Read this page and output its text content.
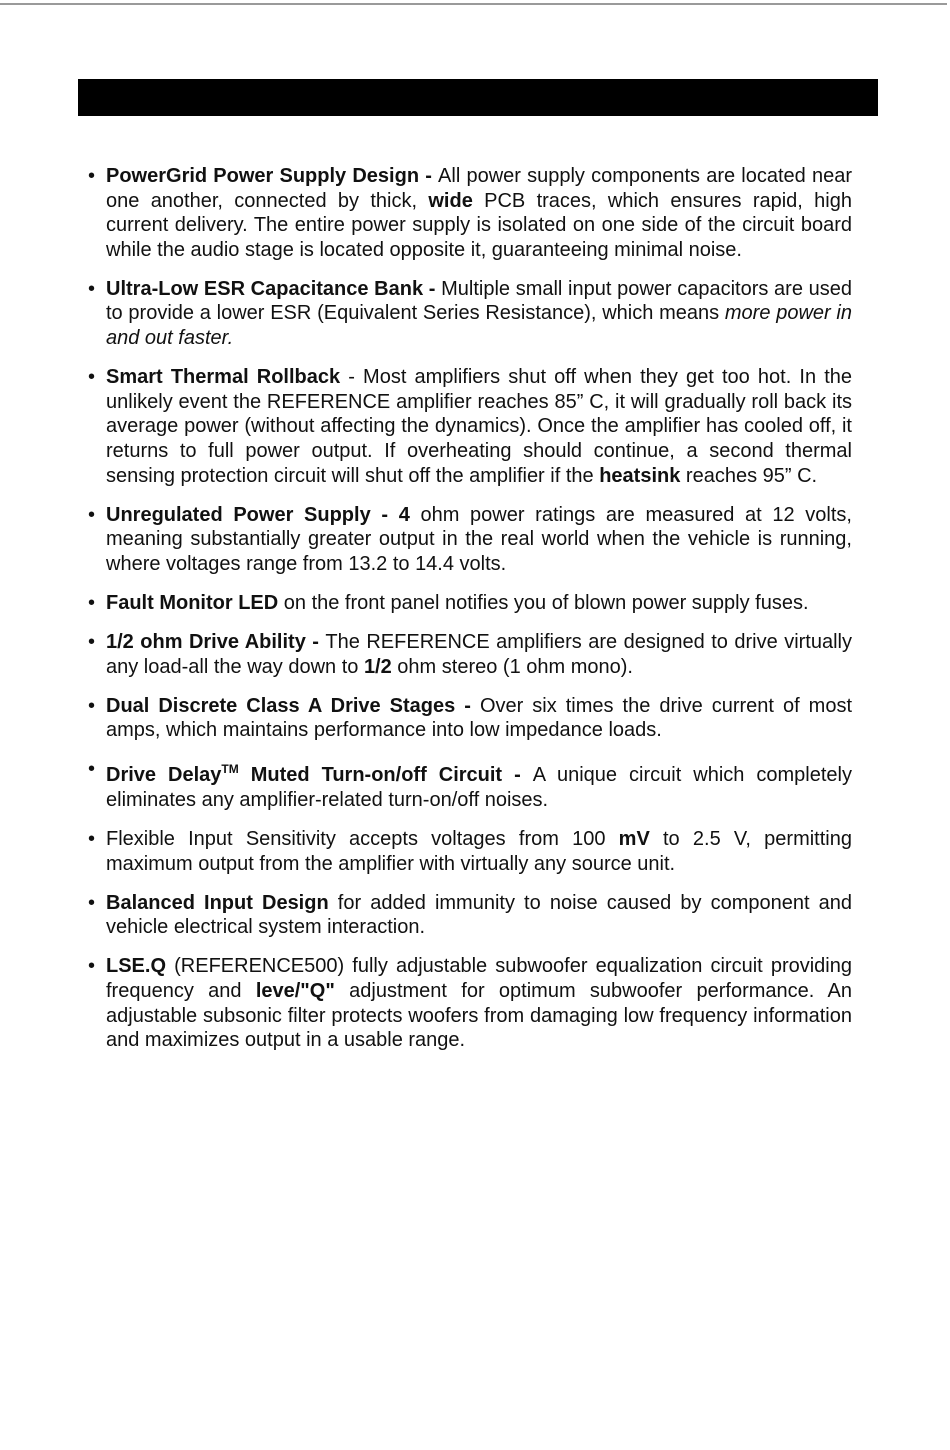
• PowerGrid Power Supply Design - All power supply components are located near one another, connected by thick, wide PCB traces, which ensures rapid, high current delivery. The entire power supply is isolated on one side of the circuit board while the audio stage is located opposite it, guaranteeing minimal noise.
• Ultra-Low ESR Capacitance Bank - Multiple small input power capacitors are used to provide a lower ESR (Equivalent Series Resistance), which means more power in and out faster.
• Smart Thermal Rollback - Most amplifiers shut off when they get too hot. In the unlikely event the REFERENCE amplifier reaches 85” C, it will gradually roll back its average power (without affecting the dynamics). Once the amplifier has cooled off, it returns to full power output. If overheating should continue, a second thermal sensing protection circuit will shut off the amplifier if the heatsink reaches 95” C.
• Unregulated Power Supply - 4 ohm power ratings are measured at 12 volts, meaning substantially greater output in the real world when the vehicle is running, where voltages range from 13.2 to 14.4 volts.
• Fault Monitor LED on the front panel notifies you of blown power supply fuses.
• 1/2 ohm Drive Ability - The REFERENCE amplifiers are designed to drive virtually any load-all the way down to 1/2 ohm stereo (1 ohm mono).
• Dual Discrete Class A Drive Stages - Over six times the drive current of most amps, which maintains performance into low impedance loads.
• Drive Delay™ Muted Turn-on/off Circuit - A unique circuit which completely eliminates any amplifier-related turn-on/off noises.
• Flexible Input Sensitivity accepts voltages from 100 mV to 2.5 V, permitting maximum output from the amplifier with virtually any source unit.
• Balanced Input Design for added immunity to noise caused by component and vehicle electrical system interaction.
• LSE.Q (REFERENCE500) fully adjustable subwoofer equalization circuit providing frequency and leve/"Q" adjustment for optimum subwoofer performance. An adjustable subsonic filter protects woofers from damaging low frequency information and maximizes output in a usable range.
